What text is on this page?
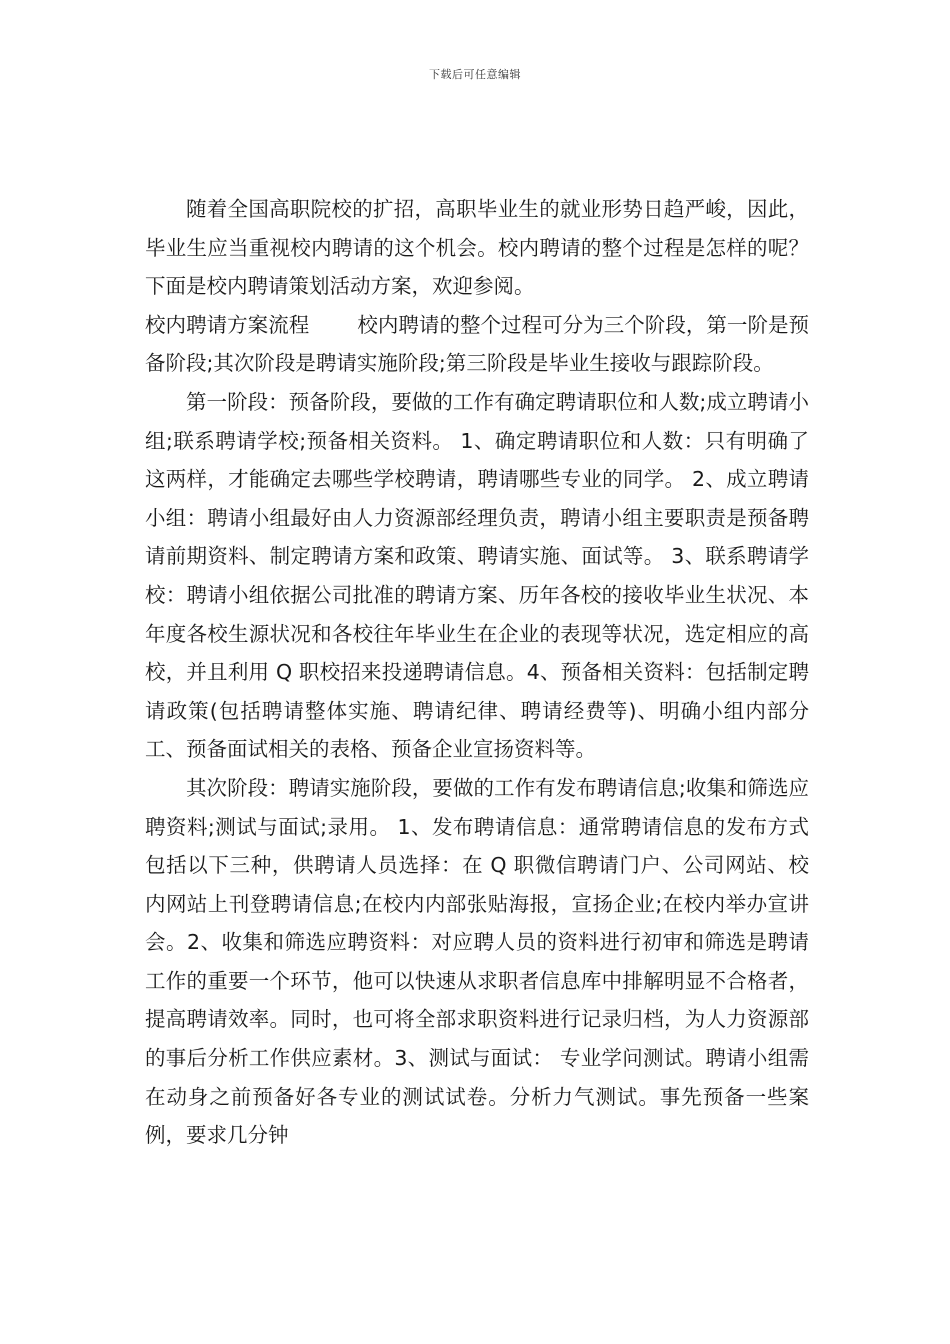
下载后可任意编辑

随着全国高职院校的扩招，高职毕业生的就业形势日趋严峻，因此，毕业生应当重视校内聘请的这个机会。校内聘请的整个过程是怎样的呢？下面是校内聘请策划活动方案，欢迎参阅。

校内聘请方案流程 校内聘请的整个过程可分为三个阶段，第一阶是预备阶段;其次阶段是聘请实施阶段;第三阶段是毕业生接收与跟踪阶段。

第一阶段：预备阶段，要做的工作有确定聘请职位和人数;成立聘请小组;联系聘请学校;预备相关资料。 1、确定聘请职位和人数：只有明确了这两样，才能确定去哪些学校聘请，聘请哪些专业的同学。 2、成立聘请小组：聘请小组最好由人力资源部经理负责，聘请小组主要职责是预备聘请前期资料、制定聘请方案和政策、聘请实施、面试等。 3、联系聘请学校：聘请小组依据公司批准的聘请方案、历年各校的接收毕业生状况、本年度各校生源状况和各校往年毕业生在企业的表现等状况，选定相应的高校，并且利用 Q 职校招来投递聘请信息。4、预备相关资料：包括制定聘请政策(包括聘请整体实施、聘请纪律、聘请经费等)、明确小组内部分工、预备面试相关的表格、预备企业宣扬资料等。

其次阶段：聘请实施阶段，要做的工作有发布聘请信息;收集和筛选应聘资料;测试与面试;录用。 1、发布聘请信息：通常聘请信息的发布方式包括以下三种，供聘请人员选择：在 Q 职微信聘请门户、公司网站、校内网站上刊登聘请信息;在校内内部张贴海报，宣扬企业;在校内举办宣讲会。2、收集和筛选应聘资料：对应聘人员的资料进行初审和筛选是聘请工作的重要一个环节，他可以快速从求职者信息库中排解明显不合格者，提高聘请效率。同时，也可将全部求职资料进行记录归档，为人力资源部的事后分析工作供应素材。3、测试与面试： 专业学问测试。聘请小组需在动身之前预备好各专业的测试试卷。分析力气测试。事先预备一些案例，要求几分钟
